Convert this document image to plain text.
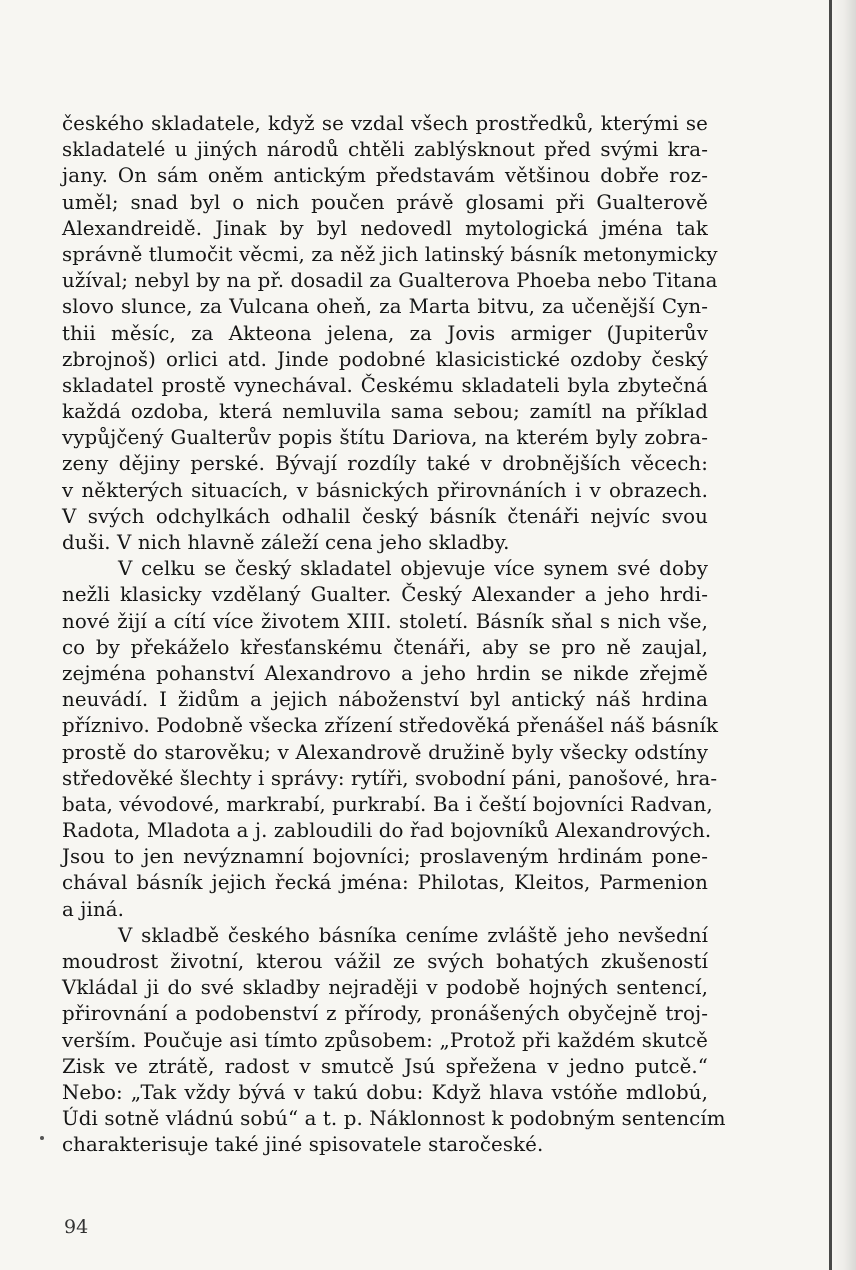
českého skladatele, když se vzdal všech prostředků, kterými se
skladatelé u jiných národů chtěli zablýsknout před svými kra-
jany. On sám oněm antickým představám většinou dobře roz-
uměl; snad byl o nich poučen právě glosami při Gualterově
Alexandreidě. Jinak by byl nedovedl mytologická jména tak
správně tlumočit věcmi, za něž jich latinský básník metonymicky
užíval; nebyl by na př. dosadil za Gualterova Phoeba nebo Titana
slovo slunce, za Vulcana oheň, za Marta bitvu, za učenější Cyn-
thii měsíc, za Akteona jelena, za Jovis armiger (Jupiterův
zbrojnoš) orlici atd. Jinde podobné klasicistické ozdoby český
skladatel prostě vynechával. Českému skladateli byla zbytečná
každá ozdoba, která nemluvila sama sebou; zamítl na příklad
vypůjčený Gualterův popis štítu Dariova, na kterém byly zobra-
zeny dějiny perské. Bývají rozdíly také v drobnějších věcech:
v některých situacích, v básnických přirovnáních i v obrazech.
V svých odchylkách odhalil český básník čtenáři nejvíc svou
duši. V nich hlavně záleží cena jeho skladby.
V celku se český skladatel objevuje více synem své doby
nežli klasicky vzdělaný Gualter. Český Alexander a jeho hrdi-
nové žijí a cítí více životem XIII. století. Básník sňal s nich vše,
co by překáželo křesťanskému čtenáři, aby se pro ně zaujal,
zejména pohanství Alexandrovo a jeho hrdin se nikde zřejmě
neuvádí. I židům a jejich náboženství byl antický náš hrdina
příznivo. Podobně všecka zřízení středověká přenášel náš básník
prostě do starověku; v Alexandrově družině byly všecky odstíny
středověké šlechty i správy: rytíři, svobodní páni, panošové, hra-
bata, vévodové, markrabí, purkrabí. Ba i čeští bojovníci Radvan,
Radota, Mladota a j. zabloudili do řad bojovníků Alexandrových.
Jsou to jen nevýznamní bojovníci; proslaveným hrdinám pone-
chával básník jejich řecká jména: Philotas, Kleitos, Parmenion
a jiná.
V skladbě českého básníka ceníme zvláště jeho nevšední
moudrost životní, kterou vážil ze svých bohatých zkušeností
Vkládal ji do své skladby nejraději v podobě hojných sentencí,
přirovnání a podobenství z přírody, pronášených obyčejně troj-
verším. Poučuje asi tímto způsobem: „Protož při každém skutcě
Zisk ve ztrátě, radost v smutcě Jsú spřežena v jedno putcě.“
Nebo: „Tak vždy bývá v takú dobu: Když hlava vstóňe mdlobú,
Údi sotně vládnú sobú“ a t. p. Náklonnost k podobným sentencím
charakterisuje také jiné spisovatele staročeské.
94
